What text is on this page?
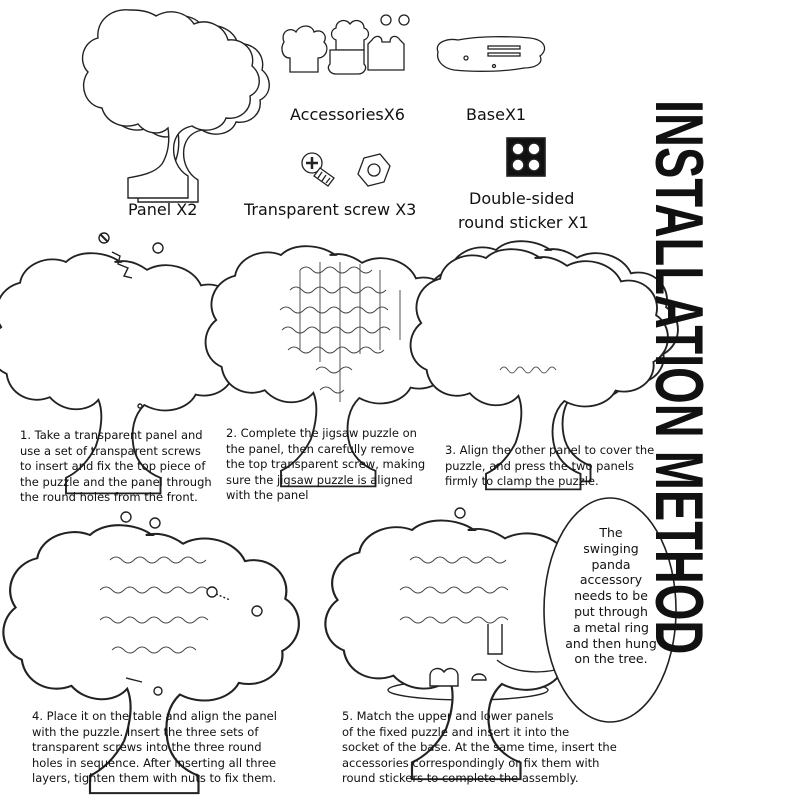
AccessoriesX6	BaseX1
Panel X2	Transparent screw X3
Double-sided
round sticker X1 INSTALLATION METHOD
1. Take a transparent panel and
use a set of transparent screws
to insert and fix the top piece of
the puzzle and the panel through
the round holes from the front.
2. Complete the jigsaw puzzle on
the panel, then carefully remove
the top transparent screw, making
sure the jigsaw puzzle is aligned
with the panel
3. Align the other panel to cover the
puzzle, and press the two panels
firmly to clamp the puzzle.
4. Place it on the table and align the panel
with the puzzle. Insert the three sets of
transparent screws into the three round
holes in sequence. After inserting all three
layers, tighten them with nuts to fix them.
5. Match the upper and lower panels
of the fixed puzzle and insert it into the
socket of the base. At the same time, insert the
accessories correspondingly or fix them with
round stickers to complete the assembly.
The
swinging
panda
accessory
needs to be
put through
a metal ring
and then hung
on the tree.
